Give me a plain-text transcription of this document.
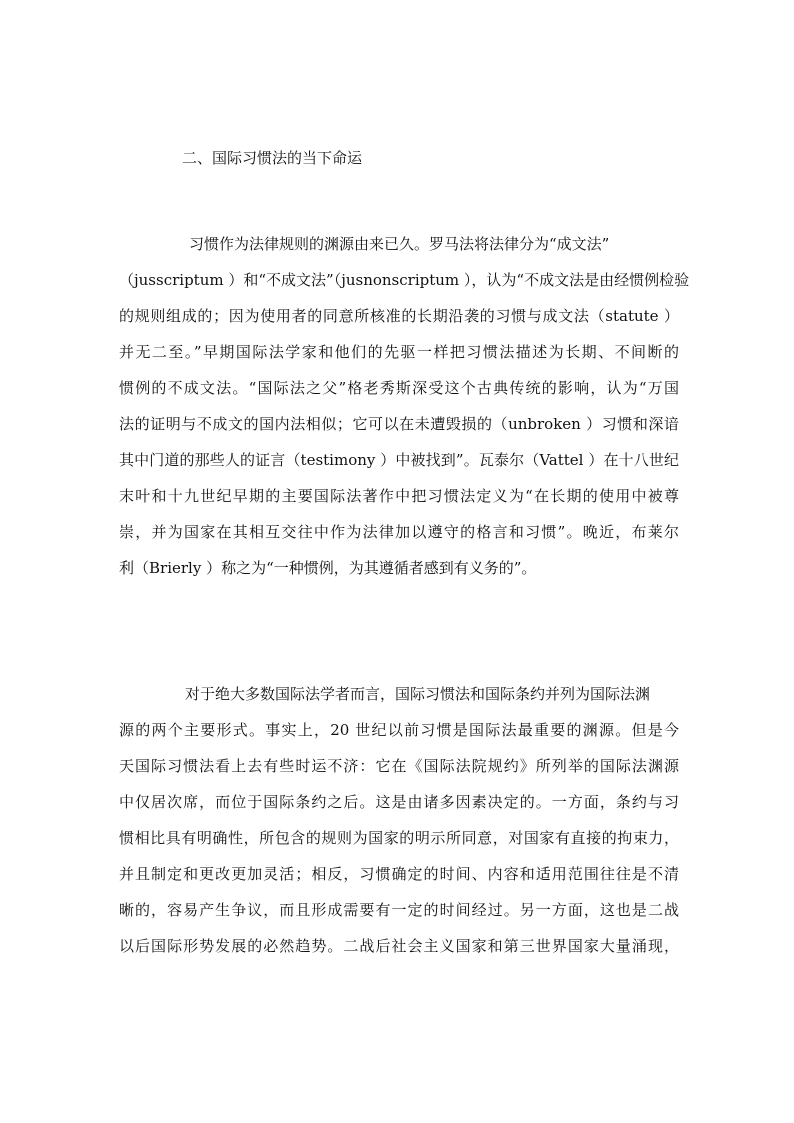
二、国际习惯法的当下命运
习惯作为法律规则的渊源由来已久。罗马法将法律分为“成文法”
（jusscriptum ）和“不成文法”（jusnonscriptum ），认为“不成文法是由经惯例检验
的规则组成的；因为使用者的同意所核准的长期沿袭的习惯与成文法（statute ）
并无二至。”早期国际法学家和他们的先驱一样把习惯法描述为长期、不间断的
惯例的不成文法。“国际法之父”格老秀斯深受这个古典传统的影响，认为“万国
法的证明与不成文的国内法相似；它可以在未遭毁损的（unbroken ）习惯和深谙
其中门道的那些人的证言（testimony ）中被找到”。瓦泰尔（Vattel ）在十八世纪
末叶和十九世纪早期的主要国际法著作中把习惯法定义为“在长期的使用中被尊
崇，并为国家在其相互交往中作为法律加以遵守的格言和习惯”。晚近，布莱尔
利（Brierly ）称之为“一种惯例，为其遵循者感到有义务的”。
对于绝大多数国际法学者而言，国际习惯法和国际条约并列为国际法渊
源的两个主要形式。事实上，20 世纪以前习惯是国际法最重要的渊源。但是今
天国际习惯法看上去有些时运不济：它在《国际法院规约》所列举的国际法渊源
中仅居次席，而位于国际条约之后。这是由诸多因素决定的。一方面，条约与习
惯相比具有明确性，所包含的规则为国家的明示所同意，对国家有直接的拘束力，
并且制定和更改更加灵活；相反，习惯确定的时间、内容和适用范围往往是不清
晰的，容易产生争议，而且形成需要有一定的时间经过。另一方面，这也是二战
以后国际形势发展的必然趋势。二战后社会主义国家和第三世界国家大量涌现，
